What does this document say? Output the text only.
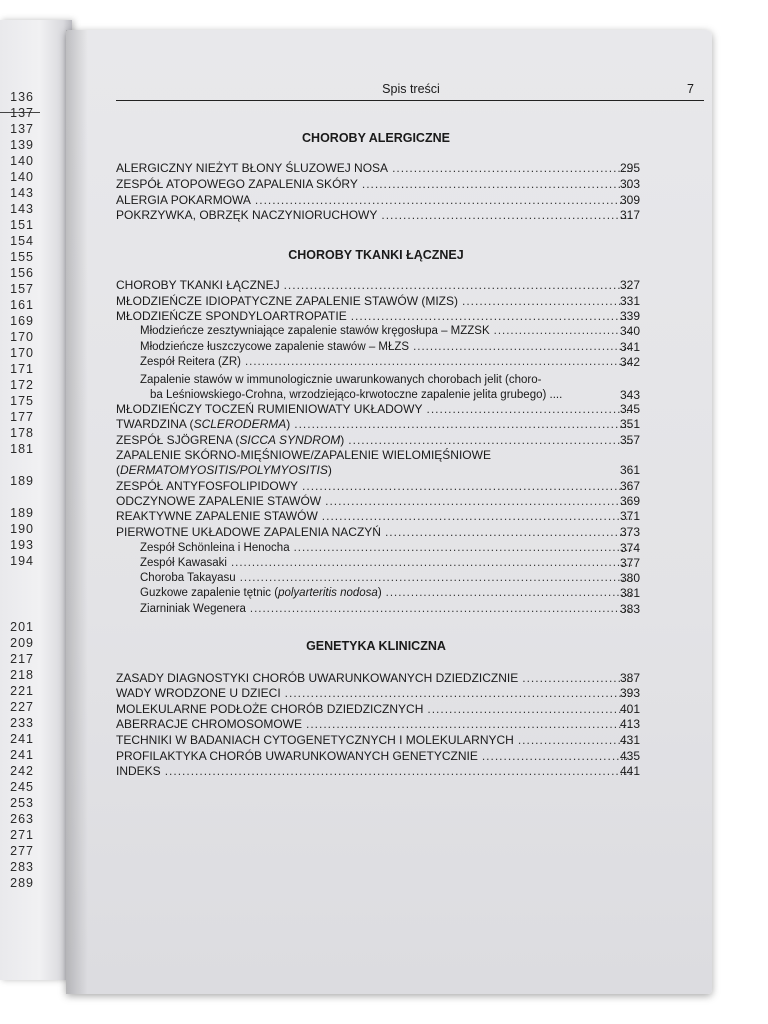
136
137
137
139
140
140
143
143
151
154
155
156
157
161
169
170
170
171
172
175
177
178
181
189
189
190
193
194
201
209
217
218
221
227
233
241
241
242
245
253
263
271
277
283
289
Spis treści	7
CHOROBY ALERGICZNE
ALERGICZNY NIEŻYT BŁONY ŚLUZOWEJ NOSA .....	295
ZESPÓŁ ATOPOWEGO ZAPALENIA SKÓRY .....	303
ALERGIA POKARMOWA .....	309
POKRZYWKA, OBRZĘK NACZYNIORUCHOWY .....	317
CHOROBY TKANKI ŁĄCZNEJ
CHOROBY TKANKI ŁĄCZNEJ .....	327
MŁODZIEŃCZE IDIOPATYCZNE ZAPALENIE STAWÓW (MIZS) .....	331
MŁODZIEŃCZE SPONDYLOARTROPATIE .....	339
Młodzieńcze zesztywniające zapalenie stawów kręgosłupa – MZZSK .....	340
Młodzieńcze łuszczycowe zapalenie stawów – MŁZS .....	341
Zespół Reitera (ZR) .....	342
Zapalenie stawów w immunologicznie uwarunkowanych chorobach jelit (choro-
ba Leśniowskiego-Crohna, wrzodziejąco-krwotoczne zapalenie jelita grubego) ....	343
MŁODZIEŃCZY TOCZEŃ RUMIENIOWATY UKŁADOWY .....	345
TWARDZINA (SCLERODERMA) .....	351
ZESPÓŁ SJÖGRENA (SICCA SYNDROM) .....	357
ZAPALENIE SKÓRNO-MIĘŚNIOWE/ZAPALENIE WIELOMIĘŚNIOWE
(DERMATOMYOSITIS/POLYMYOSITIS)	361
ZESPÓŁ ANTYFOSFOLIPIDOWY .....	367
ODCZYNOWE ZAPALENIE STAWÓW .....	369
REAKTYWNE ZAPALENIE STAWÓW .....	371
PIERWOTNE UKŁADOWE ZAPALENIA NACZYŃ .....	373
Zespół Schönleina i Henocha .....	374
Zespół Kawasaki .....	377
Choroba Takayasu .....	380
Guzkowe zapalenie tętnic (polyarteritis nodosa) .....	381
Ziarniniak Wegenera .....	383
GENETYKA KLINICZNA
ZASADY DIAGNOSTYKI CHORÓB UWARUNKOWANYCH DZIEDZICZNIE .....	387
WADY WRODZONE U DZIECI .....	393
MOLEKULARNE PODŁOŻE CHORÓB DZIEDZICZNYCH .....	401
ABERRACJE CHROMOSOMOWE .....	413
TECHNIKI W BADANIACH CYTOGENETYCZNYCH I MOLEKULARNYCH .....	431
PROFILAKTYKA CHORÓB UWARUNKOWANYCH GENETYCZNIE .....	435
INDEKS .....	441
